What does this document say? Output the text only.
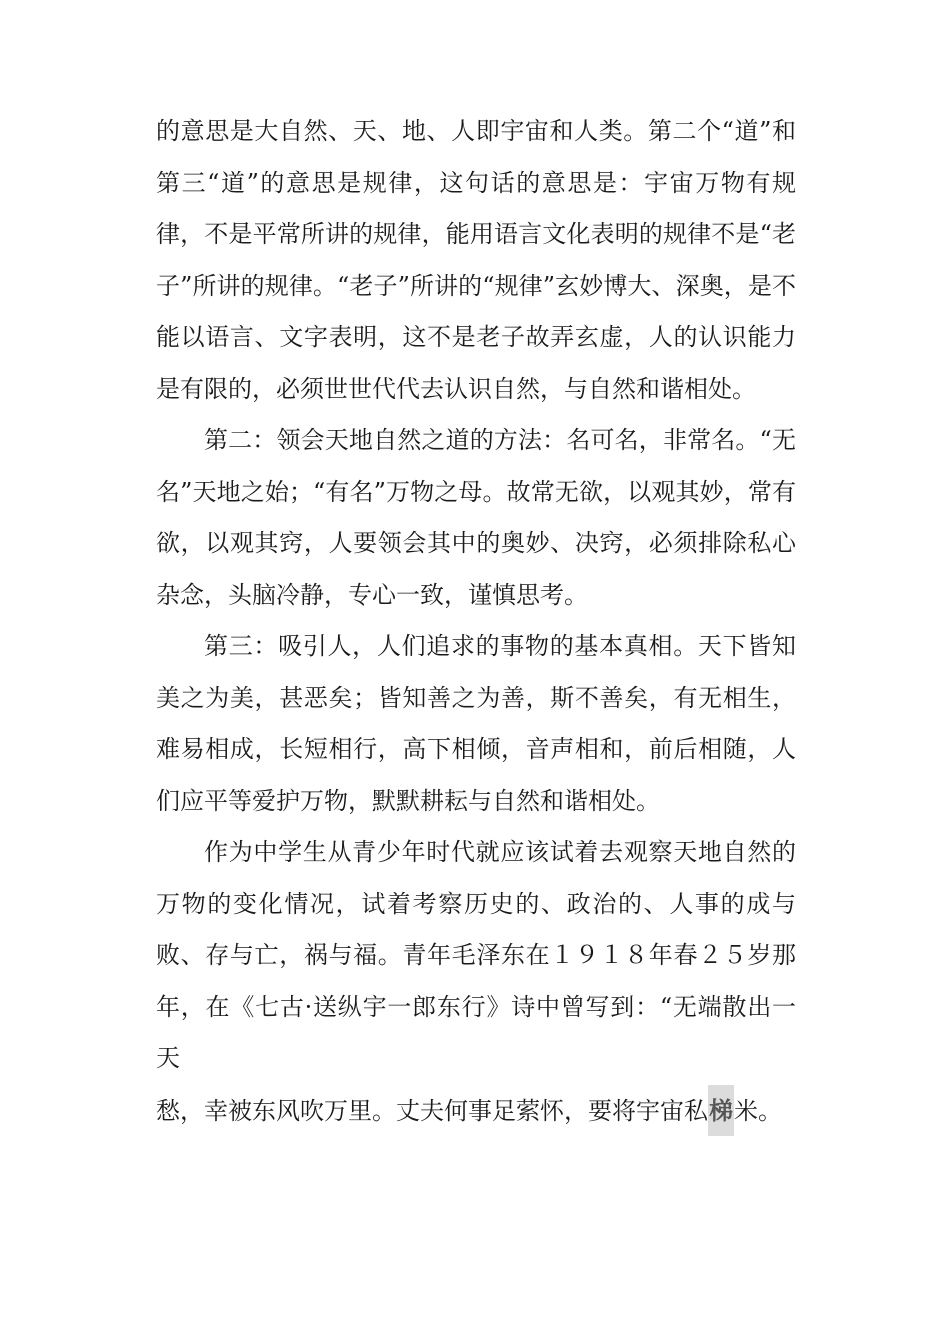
的意思是大自然、天、地、人即宇宙和人类。第二个“道”和第三“道”的意思是规律，这句话的意思是：宇宙万物有规律，不是平常所讲的规律，能用语言文化表明的规律不是“老子”所讲的规律。“老子”所讲的“规律”玄妙博大、深奥，是不能以语言、文字表明，这不是老子故弄玄虚，人的认识能力是有限的，必须世世代代去认识自然，与自然和谐相处。

第二：领会天地自然之道的方法：名可名，非常名。“无名”天地之始；“有名”万物之母。故常无欲，以观其妙，常有欲，以观其窍，人要领会其中的奥妙、决窍，必须排除私心杂念，头脑冷静，专心一致，谨慎思考。

第三：吸引人，人们追求的事物的基本真相。天下皆知美之为美，甚恶矣；皆知善之为善，斯不善矣，有无相生，难易相成，长短相行，高下相倾，音声相和，前后相随，人们应平等爱护万物，默默耕耘与自然和谐相处。

作为中学生从青少年时代就应该试着去观察天地自然的万物的变化情况，试着考察历史的、政治的、人事的成与败、存与亡，祸与福。青年毛泽东在１９１８年春２５岁那年，在《七古·送纵宇一郎东行》诗中曾写到：“无端散出一天

愁，幸被东风吹万里。丈夫何事足萦怀，要将宇宙私梯米。
